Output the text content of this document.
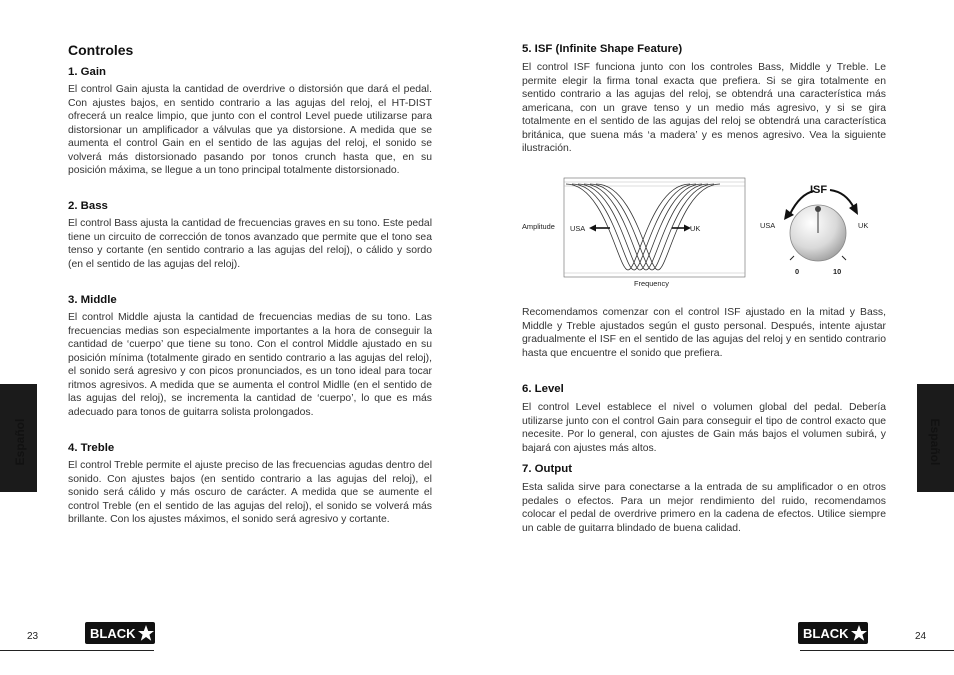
Controles
1. Gain

El control Gain ajusta la cantidad de overdrive o distorsión que dará el pedal. Con ajustes bajos, en sentido contrario a las agujas del reloj, el HT-DIST ofrecerá un realce limpio, que junto con el control Level puede utilizarse para distorsionar un amplificador a válvulas que ya distorsione. A medida que se aumenta el control Gain en el sentido de las agujas del reloj, el sonido se volverá más distorsionado pasando por tonos crunch hasta que, en su posición máxima, se llegue a un tono principal totalmente distorsionado.

2. Bass

El control Bass ajusta la cantidad de frecuencias graves en su tono. Este pedal tiene un circuito de corrección de tonos avanzado que permite que el tono sea tenso y cortante (en sentido contrario a las agujas del reloj), o cálido y sordo (en el sentido de las agujas del reloj).

3. Middle

El control Middle ajusta la cantidad de frecuencias medias de su tono. Las frecuencias medias son especialmente importantes a la hora de conseguir la cantidad de ‘cuerpo’ que tiene su tono. Con el control Middle ajustado en su posición mínima (totalmente girado en sentido contrario a las agujas del reloj), el sonido será agresivo y con picos pronunciados, es un tono ideal para tocar ritmos agresivos. A medida que se aumenta el control Midlle (en el sentido de las agujas del reloj), se incrementa la cantidad de ‘cuerpo’, lo que es más adecuado para tonos de guitarra solista prolongados.

4. Treble

El control Treble permite el ajuste preciso de las frecuencias agudas dentro del sonido. Con ajustes bajos (en sentido contrario a las agujas del reloj), el sonido será cálido y más oscuro de carácter. A medida que se aumente el control Treble (en el sentido de las agujas del reloj), el sonido se volverá más brillante. Con los ajustes máximos, el sonido será agresivo y cortante.

Español
23	BLACK
5. ISF (Infinite Shape Feature)

El control ISF funciona junto con los controles Bass, Middle y Treble. Le permite elegir la firma tonal exacta que prefiera. Si se gira totalmente en sentido contrario a las agujas del reloj, se obtendrá una característica más americana, con un grave tenso y un medio más agresivo, y si se gira totalmente en el sentido de las agujas del reloj se obtendrá una característica británica, que suena más ‘a madera’ y es menos agresivo. Vea la siguiente ilustración.

Amplitude
Frequency
USA	UK
ISF
USA	UK
0	10

Recomendamos comenzar con el control ISF ajustado en la mitad y Bass, Middle y Treble ajustados según el gusto personal. Después, intente ajustar gradualmente el ISF en el sentido de las agujas del reloj y en sentido contrario hasta que encuentre el sonido que prefiera.

6. Level

El control Level establece el nivel o volumen global del pedal. Debería utilizarse junto con el control Gain para conseguir el tipo de control exacto que necesite. Por lo general, con ajustes de Gain más bajos el volumen subirá, y bajará con ajustes más altos.

7. Output

Esta salida sirve para conectarse a la entrada de su amplificador o en otros pedales o efectos. Para un mejor rendimiento del ruido, recomendamos colocar el pedal de overdrive primero en la cadena de efectos. Utilice siempre un cable de guitarra blindado de buena calidad.

Español
BLACK	24
